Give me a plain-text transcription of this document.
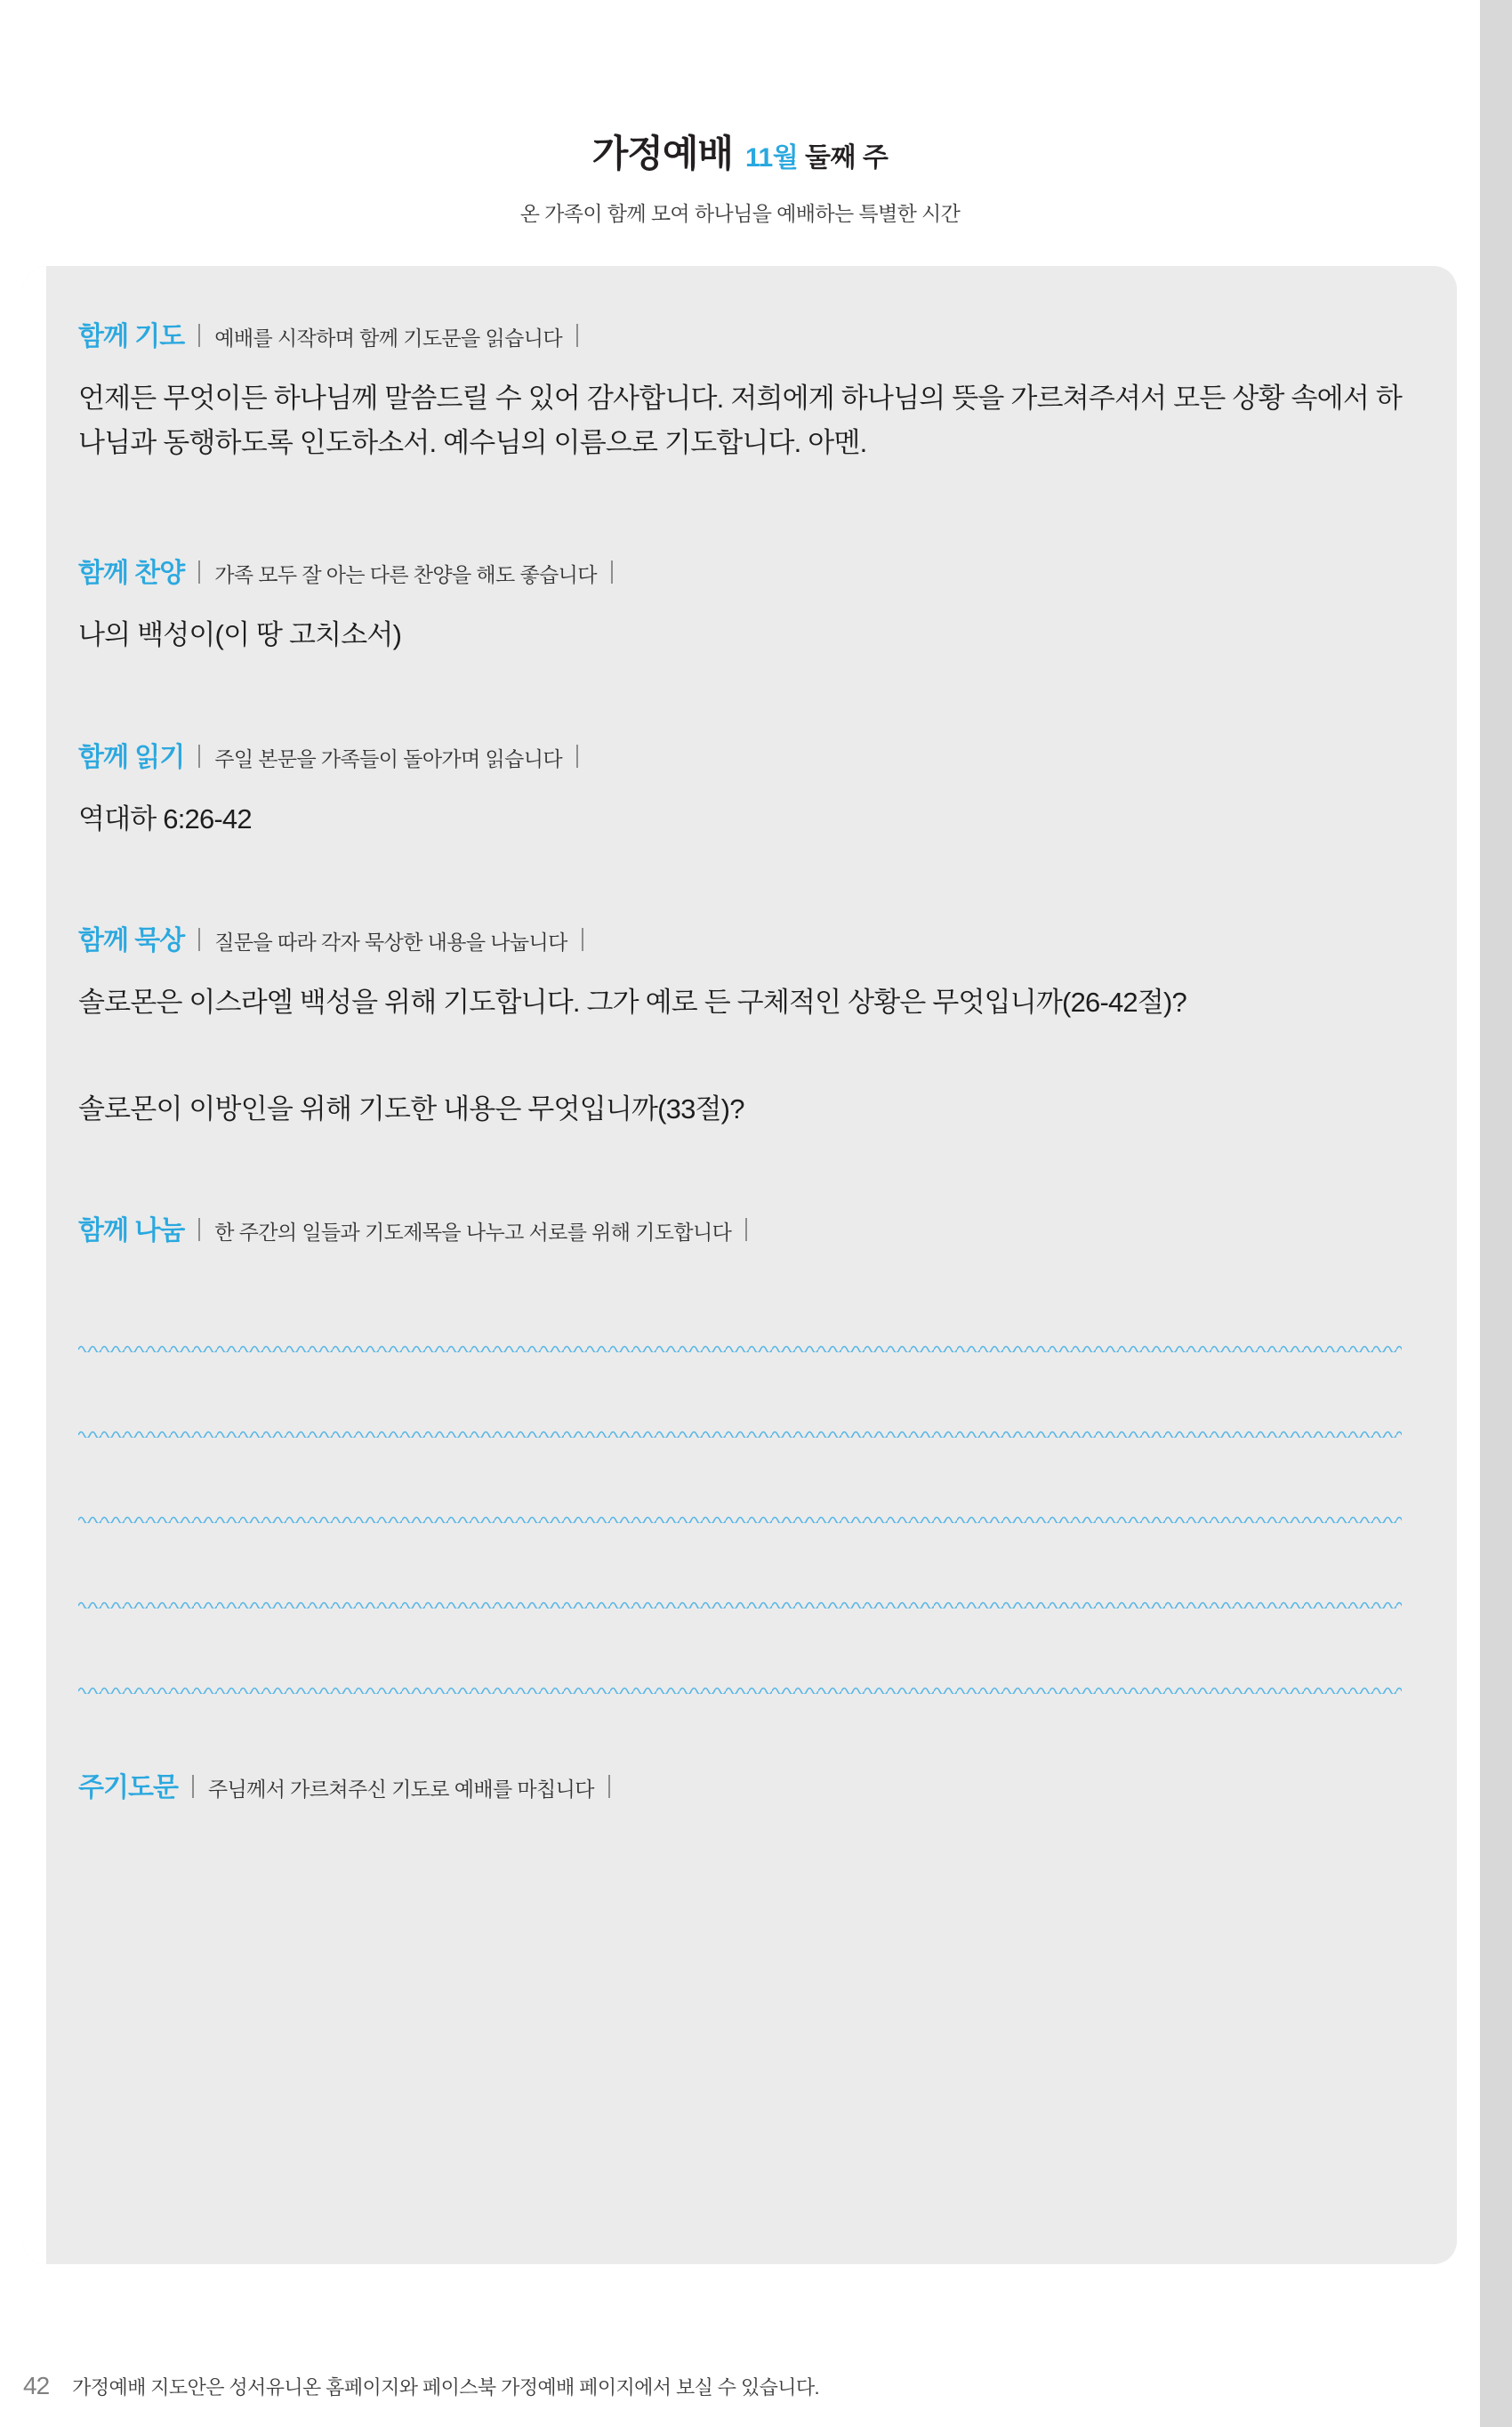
가정예배 11월 둘째 주
온 가족이 함께 모여 하나님을 예배하는 특별한 시간
함께 기도 예배를 시작하며 함께 기도문을 읽습니다
언제든 무엇이든 하나님께 말씀드릴 수 있어 감사합니다. 저희에게 하나님의 뜻을 가르쳐주셔서 모든 상황 속에서 하나님과 동행하도록 인도하소서. 예수님의 이름으로 기도합니다. 아멘.
함께 찬양 가족 모두 잘 아는 다른 찬양을 해도 좋습니다
나의 백성이(이 땅 고치소서)
함께 읽기 주일 본문을 가족들이 돌아가며 읽습니다
역대하 6:26-42
함께 묵상 질문을 따라 각자 묵상한 내용을 나눕니다
솔로몬은 이스라엘 백성을 위해 기도합니다. 그가 예로 든 구체적인 상황은 무엇입니까(26-42절)?
솔로몬이 이방인을 위해 기도한 내용은 무엇입니까(33절)?
함께 나눔 한 주간의 일들과 기도제목을 나누고 서로를 위해 기도합니다
주기도문 주님께서 가르쳐주신 기도로 예배를 마칩니다
42 가정예배 지도안은 성서유니온 홈페이지와 페이스북 가정예배 페이지에서 보실 수 있습니다.
